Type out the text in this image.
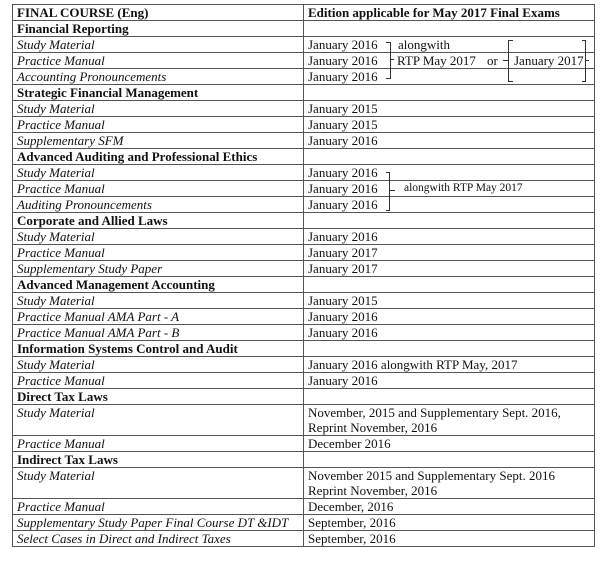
FINAL COURSE (Eng)	Edition applicable for May 2017 Final Exams
Financial Reporting	
Study Material	January 2016 alongwith
RTP May 2017 or January 2017

Practice Manual	January 2016
Accounting Pronouncements	January 2016
Strategic Financial Management	
Study Material	January 2015
Practice Manual	January 2015
Supplementary SFM	January 2016
Advanced Auditing and Professional Ethics	
Study Material	January 2016
alongwith RTP May 2017

Practice Manual	January 2016
Auditing Pronouncements	January 2016
Corporate and Allied Laws	
Study Material	January 2016
Practice Manual	January 2017
Supplementary Study Paper	January 2017
Advanced Management Accounting	
Study Material	January 2015
Practice Manual AMA Part - A	January 2016
Practice Manual AMA Part - B	January 2016
Information Systems Control and Audit	
Study Material	January 2016 alongwith RTP May, 2017
Practice Manual	January 2016
Direct Tax Laws	
Study Material	November, 2015 and Supplementary Sept. 2016,
Reprint November, 2016

Practice Manual	December 2016
Indirect Tax Laws	
Study Material	November 2015 and Supplementary Sept. 2016
Reprint November, 2016

Practice Manual	December, 2016
Supplementary Study Paper Final Course DT &IDT	September, 2016
Select Cases in Direct and Indirect Taxes	September, 2016
